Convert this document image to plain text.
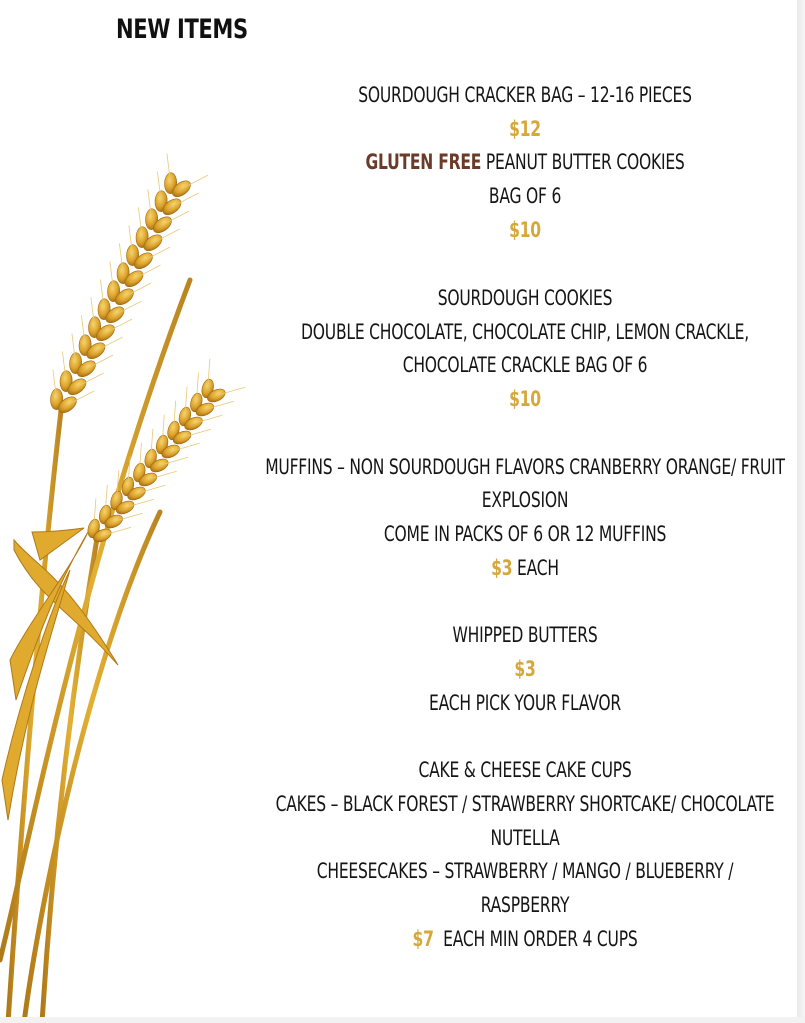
NEW ITEMS
SOURDOUGH CRACKER BAG – 12-16 PIECES
$12
GLUTEN FREE PEANUT BUTTER COOKIES
BAG OF 6
$10
SOURDOUGH COOKIES
DOUBLE CHOCOLATE, CHOCOLATE CHIP, LEMON CRACKLE,
CHOCOLATE CRACKLE BAG OF 6
$10
MUFFINS – NON SOURDOUGH FLAVORS CRANBERRY ORANGE/ FRUIT
EXPLOSION
COME IN PACKS OF 6 OR 12 MUFFINS
$3 EACH
WHIPPED BUTTERS
$3
EACH PICK YOUR FLAVOR
CAKE & CHEESE CAKE CUPS
CAKES – BLACK FOREST / STRAWBERRY SHORTCAKE/ CHOCOLATE
NUTELLA
CHEESECAKES – STRAWBERRY / MANGO / BLUEBERRY /
RASPBERRY
$7 EACH MIN ORDER 4 CUPS
